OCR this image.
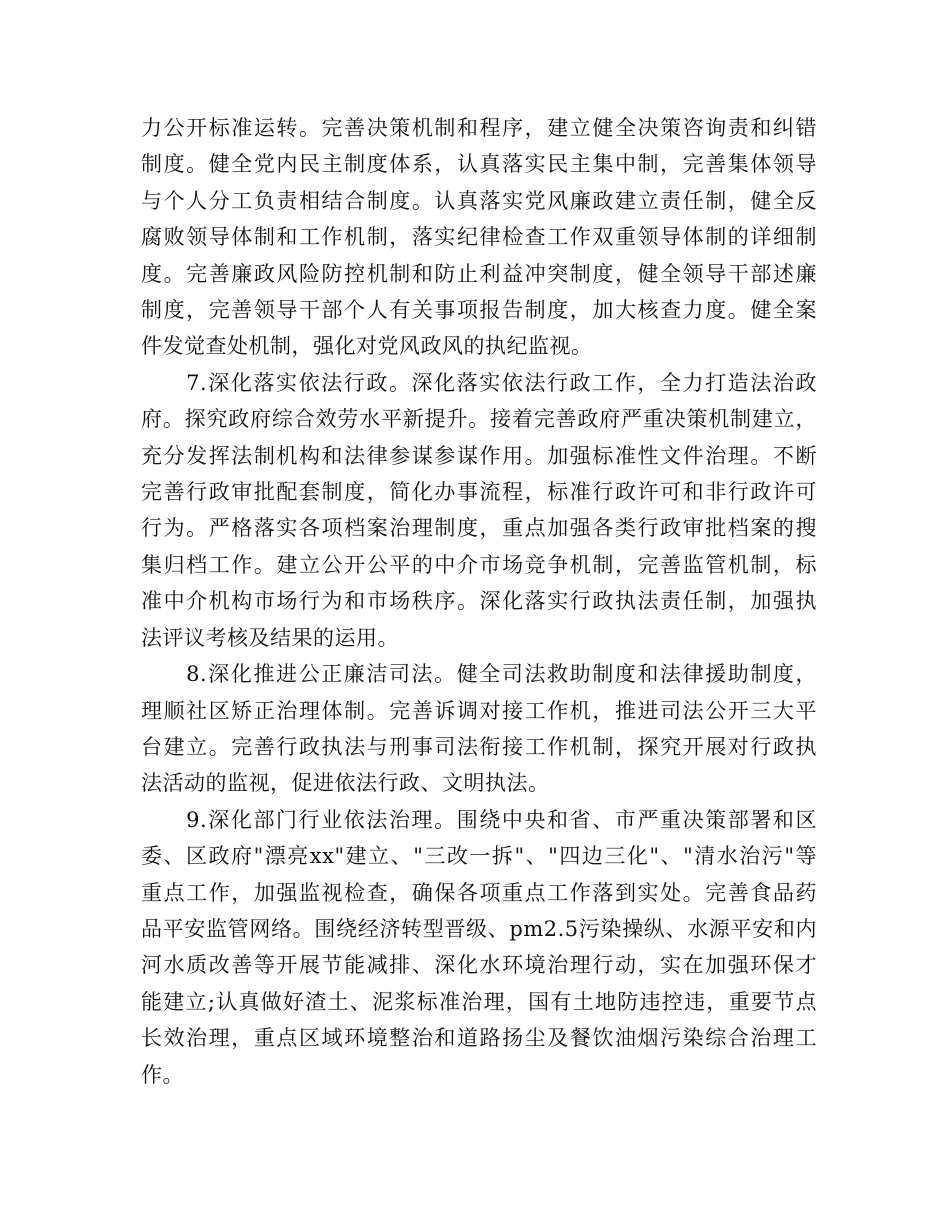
力公开标准运转。完善决策机制和程序，建立健全决策咨询责和纠错
制度。健全党内民主制度体系，认真落实民主集中制，完善集体领导
与个人分工负责相结合制度。认真落实党风廉政建立责任制，健全反
腐败领导体制和工作机制，落实纪律检查工作双重领导体制的详细制
度。完善廉政风险防控机制和防止利益冲突制度，健全领导干部述廉
制度，完善领导干部个人有关事项报告制度，加大核查力度。健全案
件发觉查处机制，强化对党风政风的执纪监视。

　　7.深化落实依法行政。深化落实依法行政工作，全力打造法治政
府。探究政府综合效劳水平新提升。接着完善政府严重决策机制建立，
充分发挥法制机构和法律参谋参谋作用。加强标准性文件治理。不断
完善行政审批配套制度，简化办事流程，标准行政许可和非行政许可
行为。严格落实各项档案治理制度，重点加强各类行政审批档案的搜
集归档工作。建立公开公平的中介市场竞争机制，完善监管机制，标
准中介机构市场行为和市场秩序。深化落实行政执法责任制，加强执
法评议考核及结果的运用。

　　8.深化推进公正廉洁司法。健全司法救助制度和法律援助制度，
理顺社区矫正治理体制。完善诉调对接工作机，推进司法公开三大平
台建立。完善行政执法与刑事司法衔接工作机制，探究开展对行政执
法活动的监视，促进依法行政、文明执法。

　　9.深化部门行业依法治理。围绕中央和省、市严重决策部署和区
委、区政府"漂亮xx"建立、"三改一拆"、"四边三化"、"清水治污"等
重点工作，加强监视检查，确保各项重点工作落到实处。完善食品药
品平安监管网络。围绕经济转型晋级、pm2.5污染操纵、水源平安和内
河水质改善等开展节能减排、深化水环境治理行动，实在加强环保才
能建立;认真做好渣土、泥浆标准治理，国有土地防违控违，重要节点
长效治理，重点区域环境整治和道路扬尘及餐饮油烟污染综合治理工
作。
